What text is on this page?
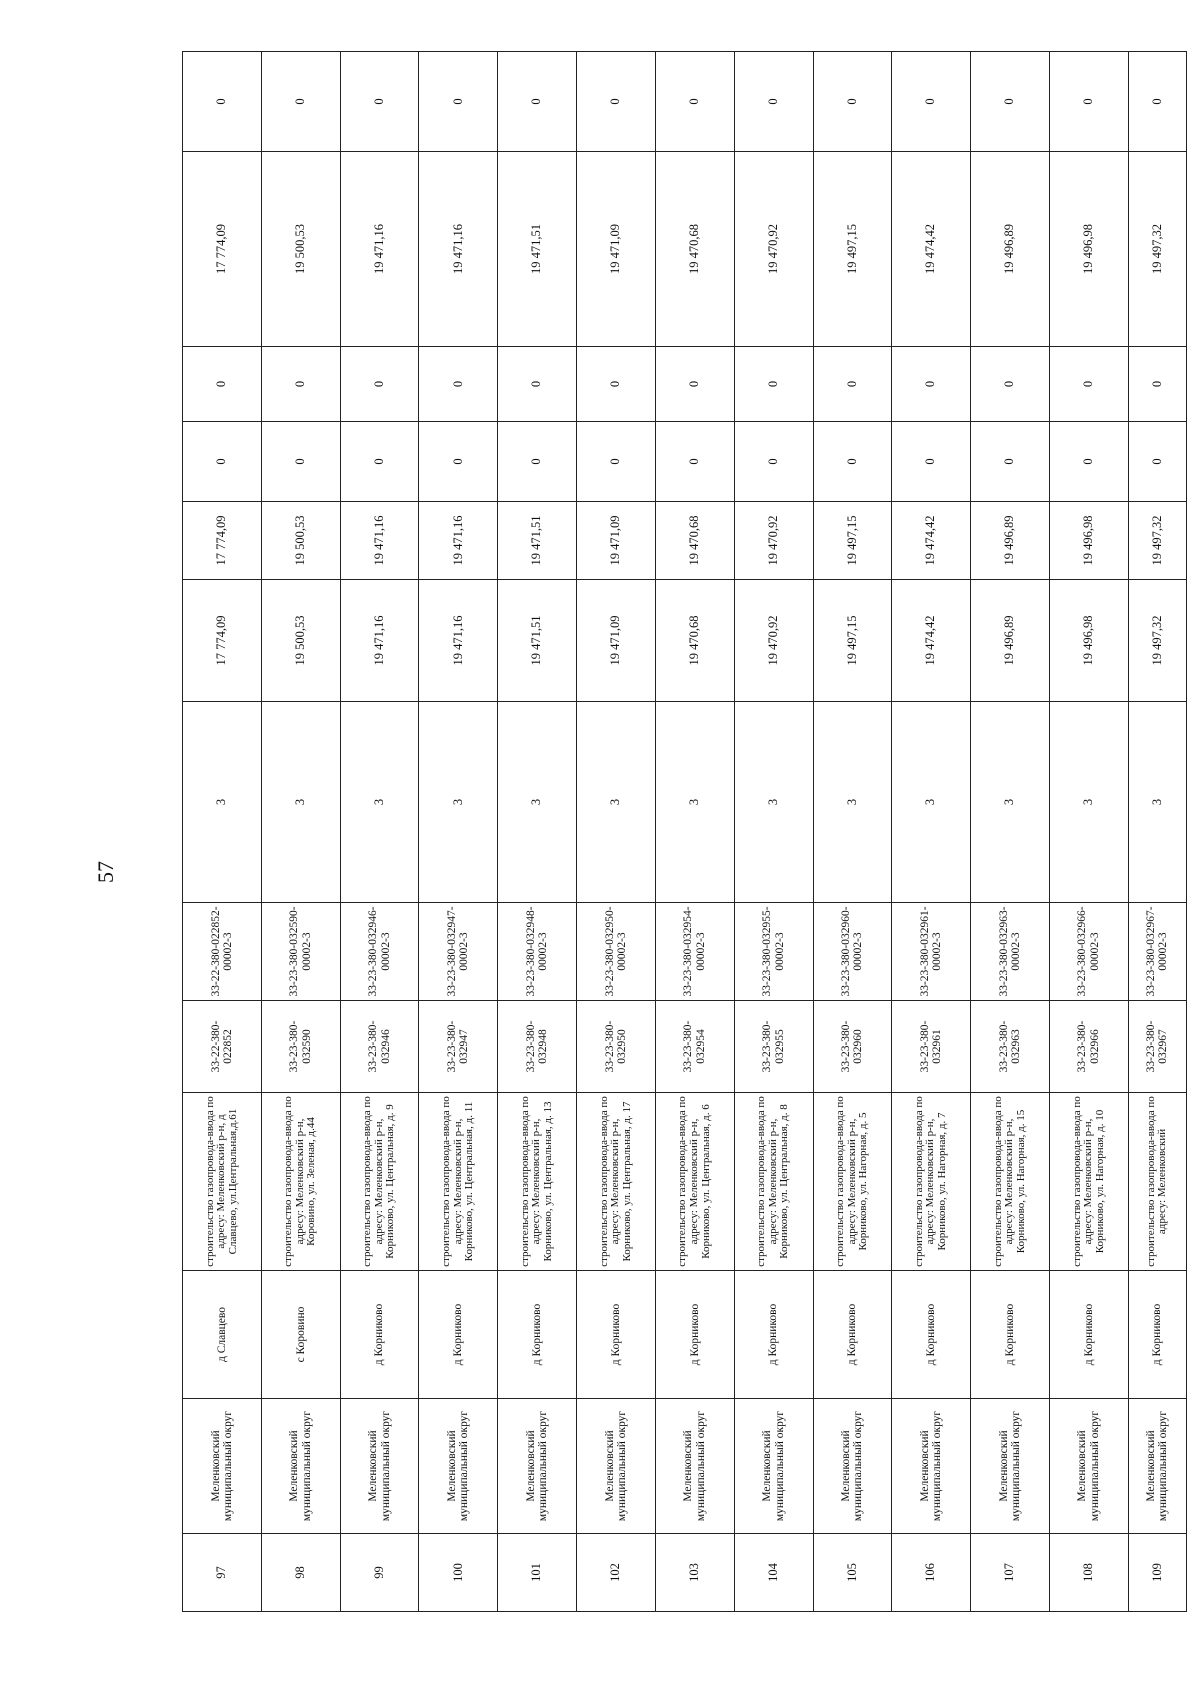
57
97	Меленковский муниципальный округ	д Славцево	строительство газопровода-ввода по адресу: Меленковский р-н, д Славцево, ул.Центральная,д.61	33-22-380-022852	33-22-380-022852-00002-3	3	17 774,09	17 774,09	0	0	17 774,09	0
98	Меленковский муниципальный округ	с Коровино	строительство газопровода-ввода по адресу: Меленковский р-н, Коровино, ул. Зеленая, д.44	33-23-380-032590	33-23-380-032590-00002-3	3	19 500,53	19 500,53	0	0	19 500,53	0
99	Меленковский муниципальный округ	д Корниково	строительство газопровода-ввода по адресу: Меленковский р-н, Корниково, ул. Центральная, д. 9	33-23-380-032946	33-23-380-032946-00002-3	3	19 471,16	19 471,16	0	0	19 471,16	0
100	Меленковский муниципальный округ	д Корниково	строительство газопровода-ввода по адресу: Меленковский р-н, Корниково, ул. Центральная, д. 11	33-23-380-032947	33-23-380-032947-00002-3	3	19 471,16	19 471,16	0	0	19 471,16	0
101	Меленковский муниципальный округ	д Корниково	строительство газопровода-ввода по адресу: Меленковский р-н, Корниково, ул. Центральная, д. 13	33-23-380-032948	33-23-380-032948-00002-3	3	19 471,51	19 471,51	0	0	19 471,51	0
102	Меленковский муниципальный округ	д Корниково	строительство газопровода-ввода по адресу: Меленковский р-н, Корниково, ул. Центральная, д. 17	33-23-380-032950	33-23-380-032950-00002-3	3	19 471,09	19 471,09	0	0	19 471,09	0
103	Меленковский муниципальный округ	д Корниково	строительство газопровода-ввода по адресу: Меленковский р-н, Корниково, ул. Центральная, д. 6	33-23-380-032954	33-23-380-032954-00002-3	3	19 470,68	19 470,68	0	0	19 470,68	0
104	Меленковский муниципальный округ	д Корниково	строительство газопровода-ввода по адресу: Меленковский р-н, Корниково, ул. Центральная, д. 8	33-23-380-032955	33-23-380-032955-00002-3	3	19 470,92	19 470,92	0	0	19 470,92	0
105	Меленковский муниципальный округ	д Корниково	строительство газопровода-ввода по адресу: Меленковский р-н, Корниково, ул. Нагорная, д. 5	33-23-380-032960	33-23-380-032960-00002-3	3	19 497,15	19 497,15	0	0	19 497,15	0
106	Меленковский муниципальный округ	д Корниково	строительство газопровода-ввода по адресу: Меленковский р-н, Корниково, ул. Нагорная, д. 7	33-23-380-032961	33-23-380-032961-00002-3	3	19 474,42	19 474,42	0	0	19 474,42	0
107	Меленковский муниципальный округ	д Корниково	строительство газопровода-ввода по адресу: Меленковский р-н, Корниково, ул. Нагорная, д. 15	33-23-380-032963	33-23-380-032963-00002-3	3	19 496,89	19 496,89	0	0	19 496,89	0
108	Меленковский муниципальный округ	д Корниково	строительство газопровода-ввода по адресу: Меленковский р-н, Корниково, ул. Нагорная, д. 10	33-23-380-032966	33-23-380-032966-00002-3	3	19 496,98	19 496,98	0	0	19 496,98	0
109	Меленковский муниципальный округ	д Корниково	строительство газопровода-ввода по адресу: Меленковский	33-23-380-032967	33-23-380-032967-00002-3	3	19 497,32	19 497,32	0	0	19 497,32	0
